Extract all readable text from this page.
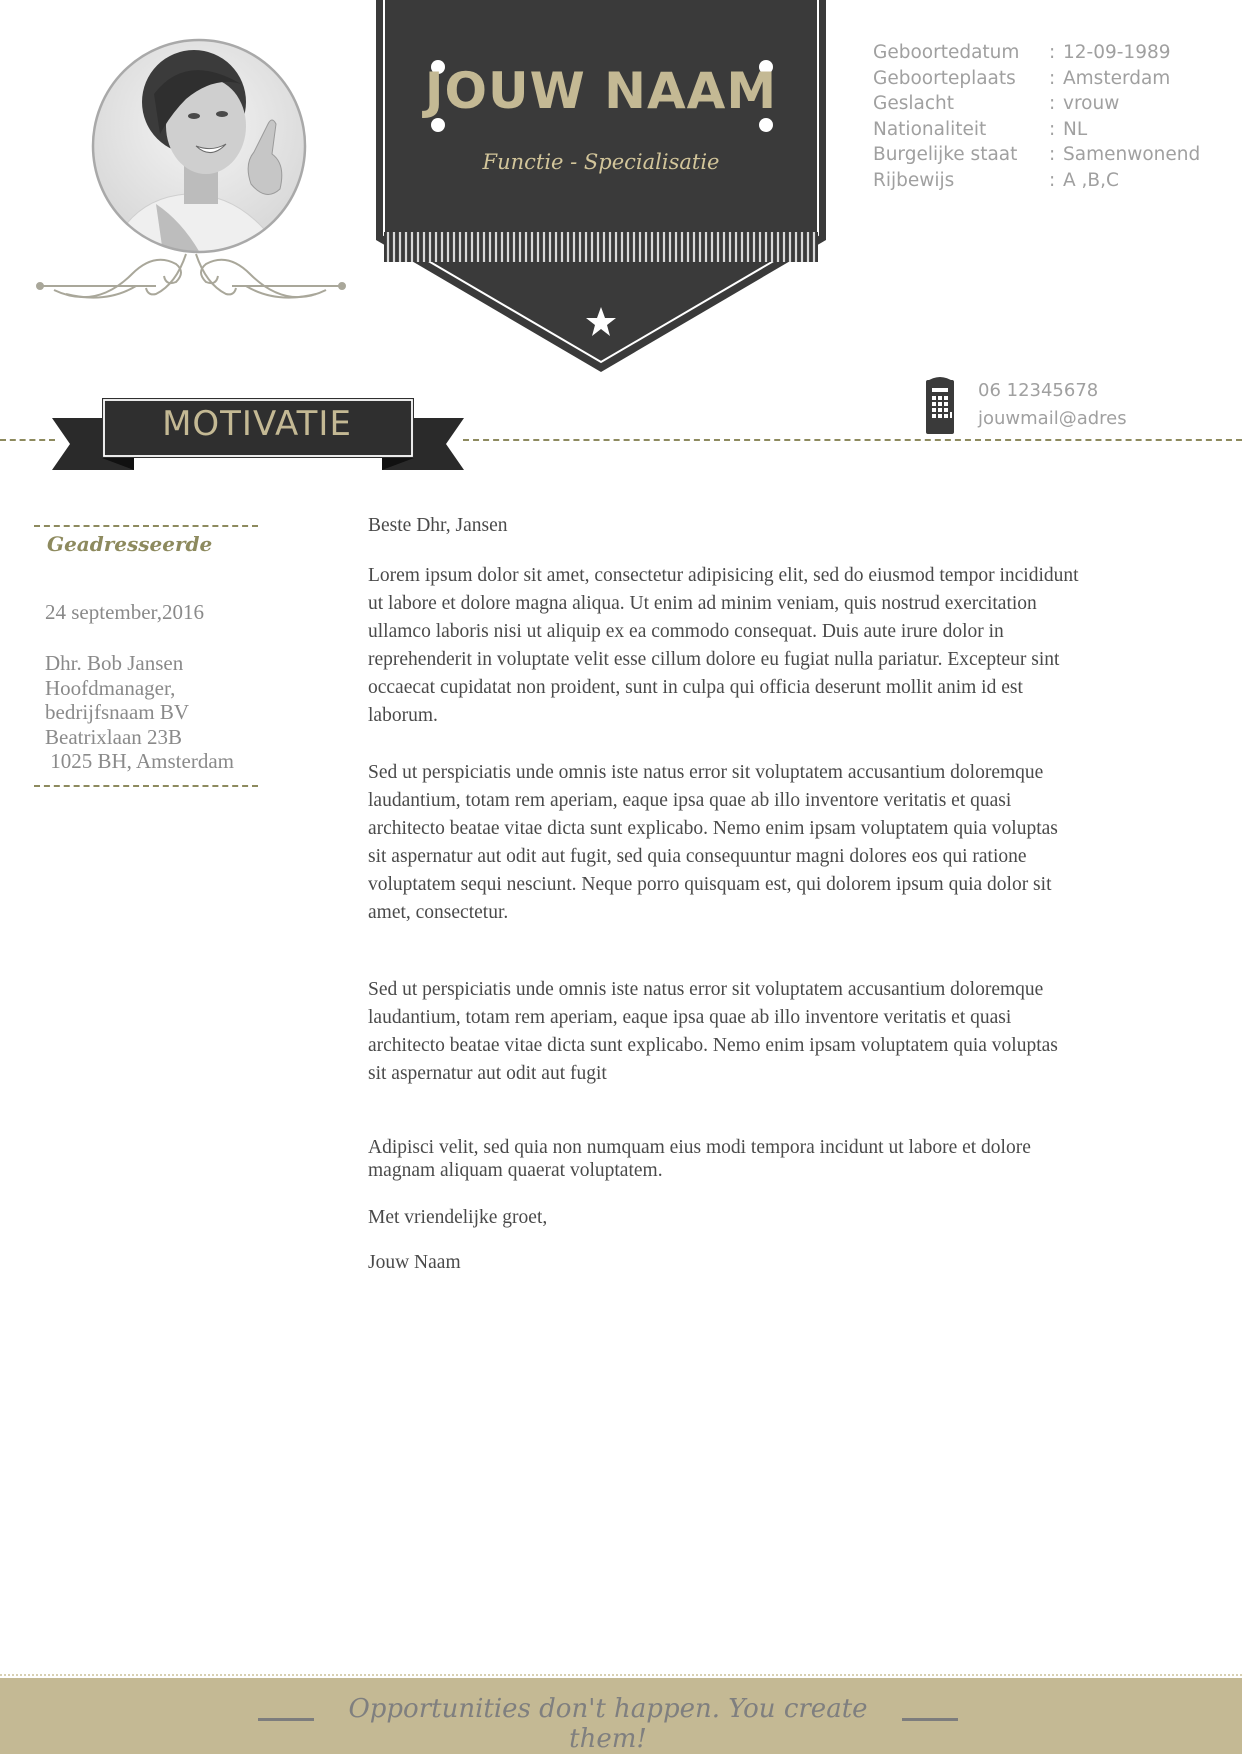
JOUW NAAM
Functie - Specialisatie
Geboortedatum	: 12-09-1989
Geboorteplaats	: Amsterdam
Geslacht	: vrouw
Nationaliteit	: NL
Burgelijke staat	: Samenwonend
Rijbewijs	: A ,B,C
06 12345678
jouwmail@adres
MOTIVATIE
Geadresseerde
24 september,2016
Dhr. Bob Jansen
Hoofdmanager,
bedrijfsnaam BV
Beatrixlaan 23B
1025 BH, Amsterdam
Beste Dhr, Jansen
Lorem ipsum dolor sit amet, consectetur adipisicing elit, sed do eiusmod tempor incididunt
ut labore et dolore magna aliqua. Ut enim ad minim veniam, quis nostrud exercitation
ullamco laboris nisi ut aliquip ex ea commodo consequat. Duis aute irure dolor in
reprehenderit in voluptate velit esse cillum dolore eu fugiat nulla pariatur. Excepteur sint
occaecat cupidatat non proident, sunt in culpa qui officia deserunt mollit anim id est
laborum.
Sed ut perspiciatis unde omnis iste natus error sit voluptatem accusantium doloremque
laudantium, totam rem aperiam, eaque ipsa quae ab illo inventore veritatis et quasi
architecto beatae vitae dicta sunt explicabo. Nemo enim ipsam voluptatem quia voluptas
sit aspernatur aut odit aut fugit, sed quia consequuntur magni dolores eos qui ratione
voluptatem sequi nesciunt. Neque porro quisquam est, qui dolorem ipsum quia dolor sit
amet, consectetur.
Sed ut perspiciatis unde omnis iste natus error sit voluptatem accusantium doloremque
laudantium, totam rem aperiam, eaque ipsa quae ab illo inventore veritatis et quasi
architecto beatae vitae dicta sunt explicabo. Nemo enim ipsam voluptatem quia voluptas
sit aspernatur aut odit aut fugit
Adipisci velit, sed quia non numquam eius modi tempora incidunt ut labore et dolore
magnam aliquam quaerat voluptatem.
Met vriendelijke groet,
Jouw Naam
Opportunities don't happen. You create them!
